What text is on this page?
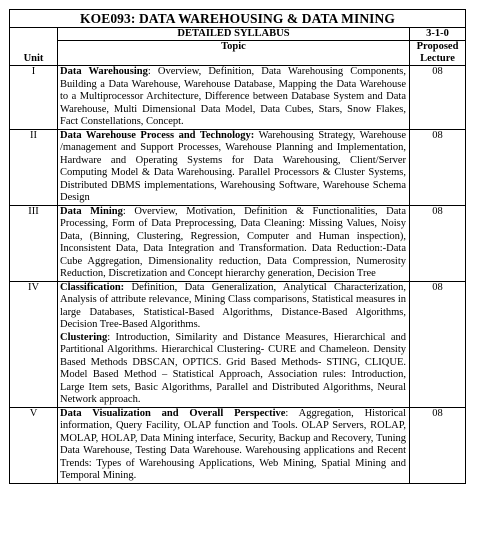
KOE093: DATA WAREHOUSING & DATA MINING		
Unit	DETAILED SYLLABUS	3-1-0
	Topic	Proposed Lecture
I	Data Warehousing: Overview, Definition, Data Warehousing Components, Building a Data Warehouse, Warehouse Database, Mapping the Data Warehouse to a Multiprocessor Architecture, Difference between Database System and Data Warehouse, Multi Dimensional Data Model, Data Cubes, Stars, Snow Flakes, Fact Constellations, Concept.	08
II	Data Warehouse Process and Technology: Warehousing Strategy, Warehouse /management and Support Processes, Warehouse Planning and Implementation, Hardware and Operating Systems for Data Warehousing, Client/Server Computing Model & Data Warehousing. Parallel Processors & Cluster Systems, Distributed DBMS implementations, Warehousing Software, Warehouse Schema Design	08
III	Data Mining: Overview, Motivation, Definition & Functionalities, Data Processing, Form of Data Preprocessing, Data Cleaning: Missing Values, Noisy Data, (Binning, Clustering, Regression, Computer and Human inspection), Inconsistent Data, Data Integration and Transformation. Data Reduction:-Data Cube Aggregation, Dimensionality reduction, Data Compression, Numerosity Reduction, Discretization and Concept hierarchy generation, Decision Tree	08
IV	Classification: Definition, Data Generalization, Analytical Characterization, Analysis of attribute relevance, Mining Class comparisons, Statistical measures in large Databases, Statistical-Based Algorithms, Distance-Based Algorithms, Decision Tree-Based Algorithms.

Clustering: Introduction, Similarity and Distance Measures, Hierarchical and Partitional Algorithms. Hierarchical Clustering- CURE and Chameleon. Density Based Methods DBSCAN, OPTICS. Grid Based Methods- STING, CLIQUE. Model Based Method – Statistical Approach, Association rules: Introduction, Large Item sets, Basic Algorithms, Parallel and Distributed Algorithms, Neural Network approach.	08
V	Data Visualization and Overall Perspective: Aggregation, Historical information, Query Facility, OLAP function and Tools. OLAP Servers, ROLAP, MOLAP, HOLAP, Data Mining interface, Security, Backup and Recovery, Tuning Data Warehouse, Testing Data Warehouse. Warehousing applications and Recent Trends: Types of Warehousing Applications, Web Mining, Spatial Mining and Temporal Mining.	08
